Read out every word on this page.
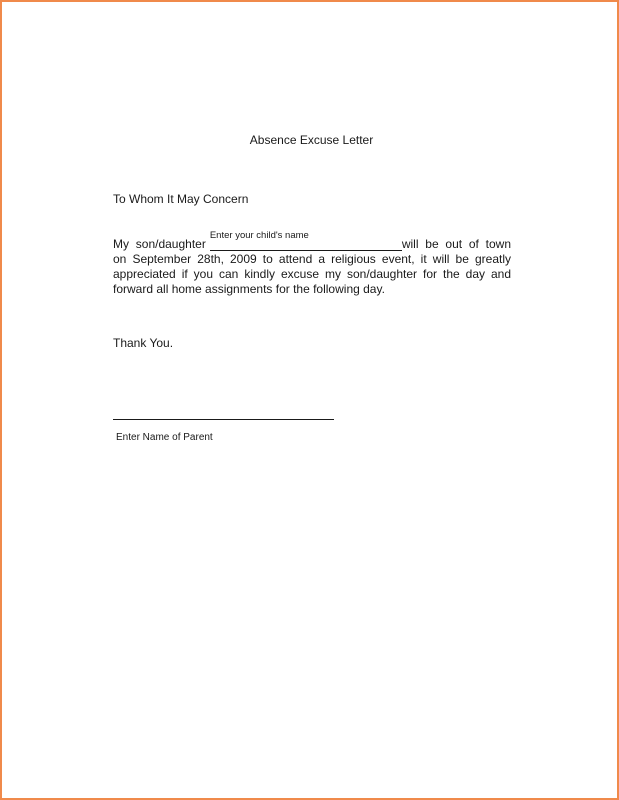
Absence Excuse Letter
To Whom It May Concern
My son/daughter
Enter your child's name
will be out of town
on September 28th, 2009 to attend a religious event, it will be greatly
appreciated if you can kindly excuse my son/daughter for the day and
forward all home assignments for the following day.
Thank You.
Enter Name of Parent
